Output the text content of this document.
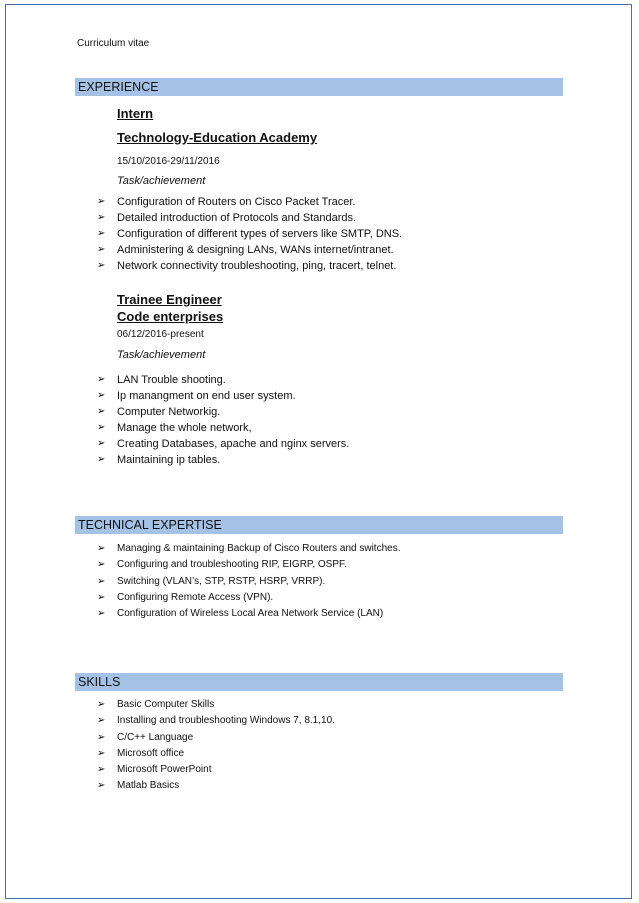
Curriculum vitae
EXPERIENCE
Intern
Technology-Education Academy
15/10/2016-29/11/2016
Task/achievement
➢ Configuration of Routers on Cisco Packet Tracer.
➢ Detailed introduction of Protocols and Standards.
➢ Configuration of different types of servers like SMTP, DNS.
➢ Administering & designing LANs, WANs internet/intranet.
➢ Network connectivity troubleshooting, ping, tracert, telnet.
Trainee Engineer
Code enterprises
06/12/2016-present
Task/achievement
➢ LAN Trouble shooting.
➢ Ip manangment on end user system.
➢ Computer Networkig.
➢ Manage the whole network,
➢ Creating Databases, apache and nginx servers.
➢ Maintaining ip tables.
TECHNICAL EXPERTISE
➢ Managing & maintaining Backup of Cisco Routers and switches.
➢ Configuring and troubleshooting RIP, EIGRP, OSPF.
➢ Switching (VLAN’s, STP, RSTP, HSRP, VRRP).
➢ Configuring Remote Access (VPN).
➢ Configuration of Wireless Local Area Network Service (LAN)
SKILLS
➢ Basic Computer Skills
➢ Installing and troubleshooting Windows 7, 8.1,10.
➢ C/C++ Language
➢ Microsoft office
➢ Microsoft PowerPoint
➢ Matlab Basics
